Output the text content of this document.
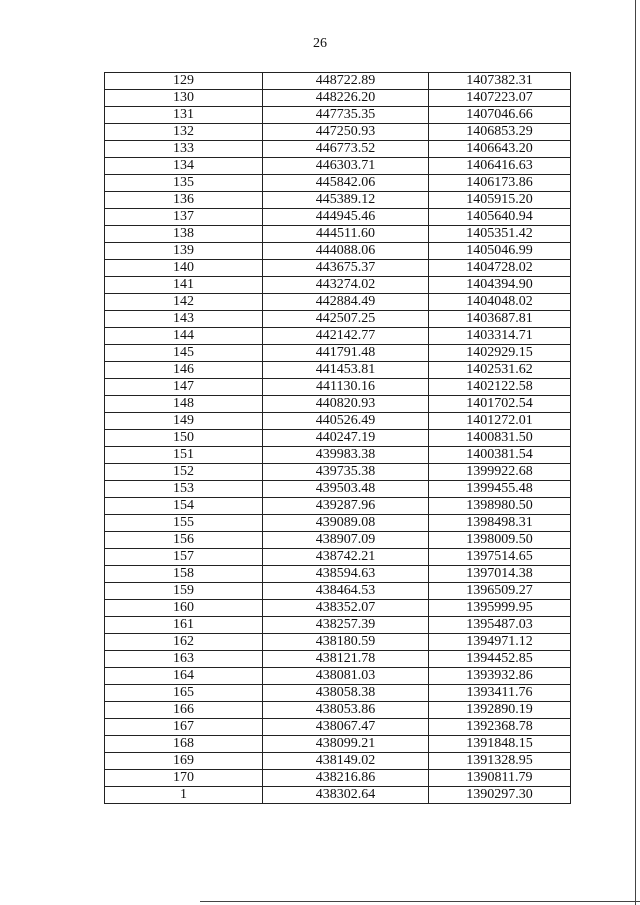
26
129	448722.89	1407382.31
130	448226.20	1407223.07
131	447735.35	1407046.66
132	447250.93	1406853.29
133	446773.52	1406643.20
134	446303.71	1406416.63
135	445842.06	1406173.86
136	445389.12	1405915.20
137	444945.46	1405640.94
138	444511.60	1405351.42
139	444088.06	1405046.99
140	443675.37	1404728.02
141	443274.02	1404394.90
142	442884.49	1404048.02
143	442507.25	1403687.81
144	442142.77	1403314.71
145	441791.48	1402929.15
146	441453.81	1402531.62
147	441130.16	1402122.58
148	440820.93	1401702.54
149	440526.49	1401272.01
150	440247.19	1400831.50
151	439983.38	1400381.54
152	439735.38	1399922.68
153	439503.48	1399455.48
154	439287.96	1398980.50
155	439089.08	1398498.31
156	438907.09	1398009.50
157	438742.21	1397514.65
158	438594.63	1397014.38
159	438464.53	1396509.27
160	438352.07	1395999.95
161	438257.39	1395487.03
162	438180.59	1394971.12
163	438121.78	1394452.85
164	438081.03	1393932.86
165	438058.38	1393411.76
166	438053.86	1392890.19
167	438067.47	1392368.78
168	438099.21	1391848.15
169	438149.02	1391328.95
170	438216.86	1390811.79
1	438302.64	1390297.30
